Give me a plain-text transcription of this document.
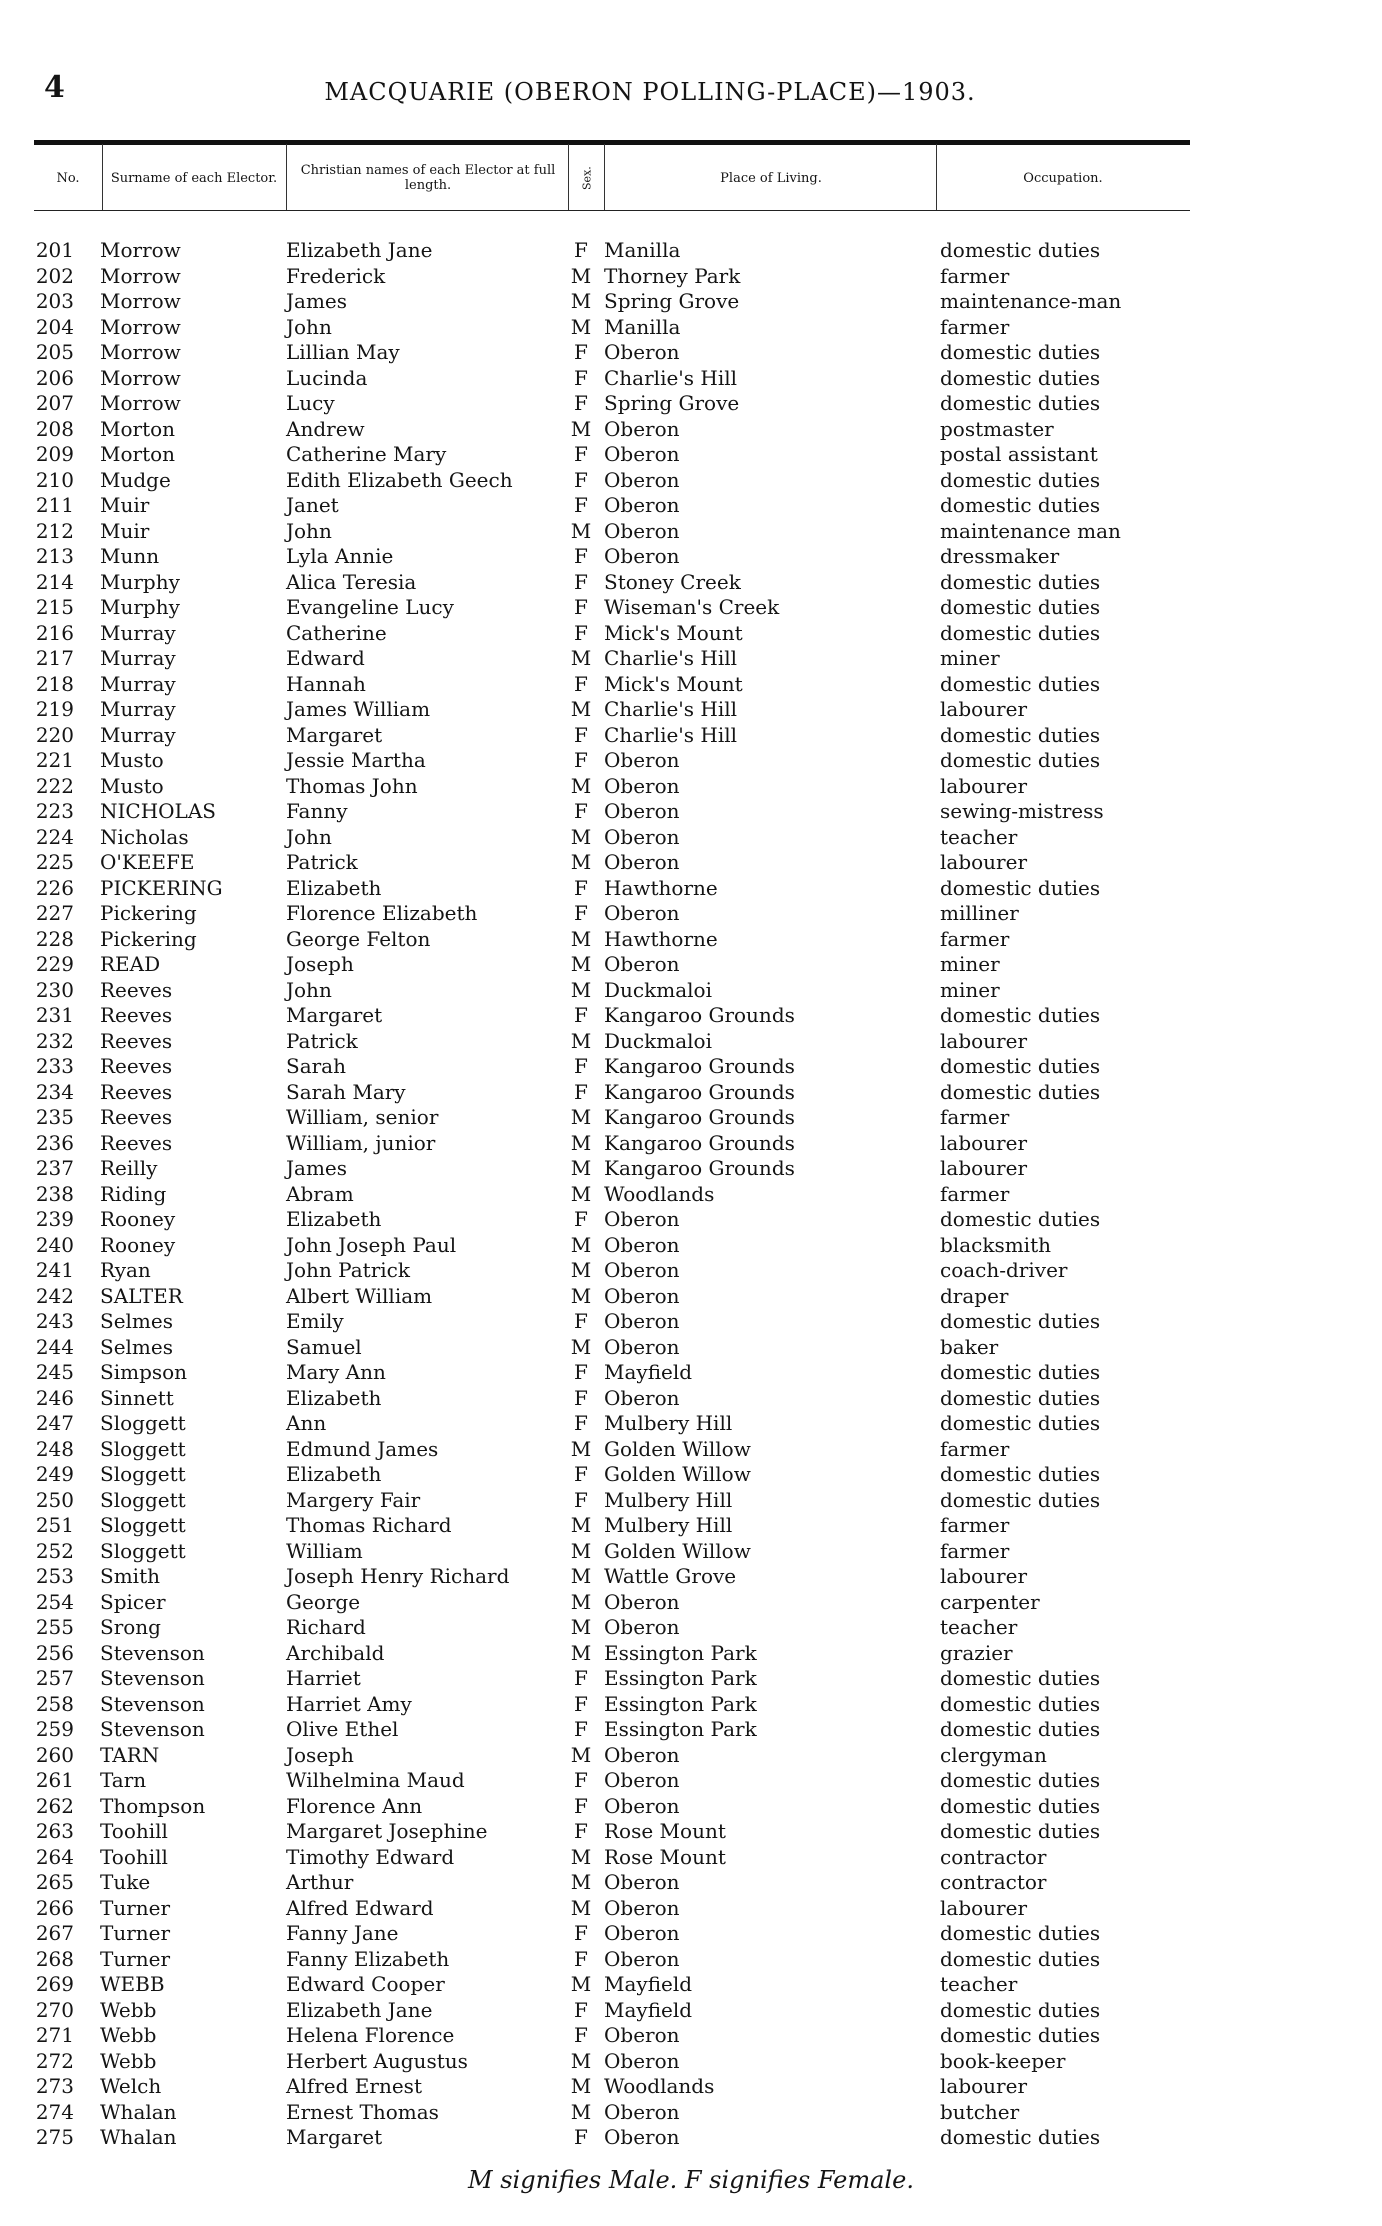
4	MACQUARIE (OBERON POLLING-PLACE)—1903.
No.	Surname of each Elector.	Christian names of each Elector at full length.	Sex.	Place of Living.	Occupation.
201 Morrow	Elizabeth Jane	F Manilla	domestic duties
202 Morrow	Frederick	M Thorney Park	farmer
203 Morrow	James	M Spring Grove	maintenance-man
204 Morrow	John	M Manilla	farmer
205 Morrow	Lillian May	F Oberon	domestic duties
206 Morrow	Lucinda	F Charlie's Hill	domestic duties
207 Morrow	Lucy	F Spring Grove	domestic duties
208 Morton	Andrew	M Oberon	postmaster
209 Morton	Catherine Mary	F Oberon	postal assistant
210 Mudge	Edith Elizabeth Geech	F Oberon	domestic duties
211 Muir	Janet	F Oberon	domestic duties
212 Muir	John	M Oberon	maintenance man
213 Munn	Lyla Annie	F Oberon	dressmaker
214 Murphy	Alica Teresia	F Stoney Creek	domestic duties
215 Murphy	Evangeline Lucy	F Wiseman's Creek	domestic duties
216 Murray	Catherine	F Mick's Mount	domestic duties
217 Murray	Edward	M Charlie's Hill	miner
218 Murray	Hannah	F Mick's Mount	domestic duties
219 Murray	James William	M Charlie's Hill	labourer
220 Murray	Margaret	F Charlie's Hill	domestic duties
221 Musto	Jessie Martha	F Oberon	domestic duties
222 Musto	Thomas John	M Oberon	labourer
223 NICHOLAS	Fanny	F Oberon	sewing-mistress
224 Nicholas	John	M Oberon	teacher
225 O'KEEFE	Patrick	M Oberon	labourer
226 PICKERING	Elizabeth	F Hawthorne	domestic duties
227 Pickering	Florence Elizabeth	F Oberon	milliner
228 Pickering	George Felton	M Hawthorne	farmer
229 READ	Joseph	M Oberon	miner
230 Reeves	John	M Duckmaloi	miner
231 Reeves	Margaret	F Kangaroo Grounds	domestic duties
232 Reeves	Patrick	M Duckmaloi	labourer
233 Reeves	Sarah	F Kangaroo Grounds	domestic duties
234 Reeves	Sarah Mary	F Kangaroo Grounds	domestic duties
235 Reeves	William, senior	M Kangaroo Grounds	farmer
236 Reeves	William, junior	M Kangaroo Grounds	labourer
237 Reilly	James	M Kangaroo Grounds	labourer
238 Riding	Abram	M Woodlands	farmer
239 Rooney	Elizabeth	F Oberon	domestic duties
240 Rooney	John Joseph Paul	M Oberon	blacksmith
241 Ryan	John Patrick	M Oberon	coach-driver
242 SALTER	Albert William	M Oberon	draper
243 Selmes	Emily	F Oberon	domestic duties
244 Selmes	Samuel	M Oberon	baker
245 Simpson	Mary Ann	F Mayfield	domestic duties
246 Sinnett	Elizabeth	F Oberon	domestic duties
247 Sloggett	Ann	F Mulbery Hill	domestic duties
248 Sloggett	Edmund James	M Golden Willow	farmer
249 Sloggett	Elizabeth	F Golden Willow	domestic duties
250 Sloggett	Margery Fair	F Mulbery Hill	domestic duties
251 Sloggett	Thomas Richard	M Mulbery Hill	farmer
252 Sloggett	William	M Golden Willow	farmer
253 Smith	Joseph Henry Richard	M Wattle Grove	labourer
254 Spicer	George	M Oberon	carpenter
255 Srong	Richard	M Oberon	teacher
256 Stevenson	Archibald	M Essington Park	grazier
257 Stevenson	Harriet	F Essington Park	domestic duties
258 Stevenson	Harriet Amy	F Essington Park	domestic duties
259 Stevenson	Olive Ethel	F Essington Park	domestic duties
260 TARN	Joseph	M Oberon	clergyman
261 Tarn	Wilhelmina Maud	F Oberon	domestic duties
262 Thompson	Florence Ann	F Oberon	domestic duties
263 Toohill	Margaret Josephine	F Rose Mount	domestic duties
264 Toohill	Timothy Edward	M Rose Mount	contractor
265 Tuke	Arthur	M Oberon	contractor
266 Turner	Alfred Edward	M Oberon	labourer
267 Turner	Fanny Jane	F Oberon	domestic duties
268 Turner	Fanny Elizabeth	F Oberon	domestic duties
269 WEBB	Edward Cooper	M Mayfield	teacher
270 Webb	Elizabeth Jane	F Mayfield	domestic duties
271 Webb	Helena Florence	F Oberon	domestic duties
272 Webb	Herbert Augustus	M Oberon	book-keeper
273 Welch	Alfred Ernest	M Woodlands	labourer
274 Whalan	Ernest Thomas	M Oberon	butcher
275 Whalan	Margaret	F Oberon	domestic duties
M signifies Male. F signifies Female.
